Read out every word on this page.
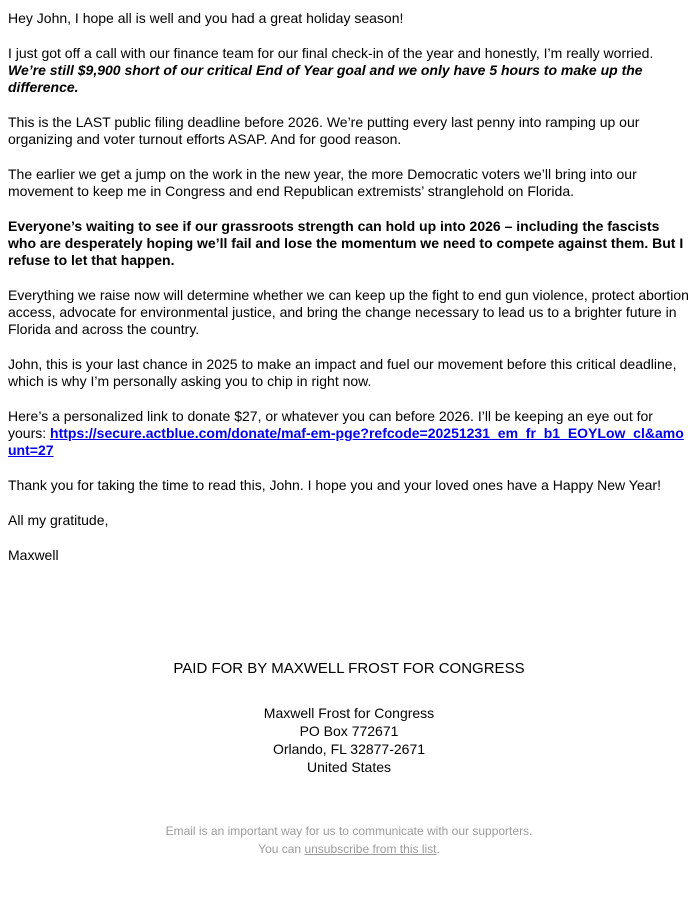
Hey John, I hope all is well and you had a great holiday season!

I just got off a call with our finance team for our final check-in of the year and honestly, I’m really worried. We’re still $9,900 short of our critical End of Year goal and we only have 5 hours to make up the difference.

This is the LAST public filing deadline before 2026. We’re putting every last penny into ramping up our organizing and voter turnout efforts ASAP. And for good reason.

The earlier we get a jump on the work in the new year, the more Democratic voters we’ll bring into our movement to keep me in Congress and end Republican extremists’ stranglehold on Florida.

Everyone’s waiting to see if our grassroots strength can hold up into 2026 – including the fascists who are desperately hoping we’ll fail and lose the momentum we need to compete against them. But I refuse to let that happen.

Everything we raise now will determine whether we can keep up the fight to end gun violence, protect abortion access, advocate for environmental justice, and bring the change necessary to lead us to a brighter future in Florida and across the country.

John, this is your last chance in 2025 to make an impact and fuel our movement before this critical deadline, which is why I’m personally asking you to chip in right now.

Here’s a personalized link to donate $27, or whatever you can before 2026. I’ll be keeping an eye out for yours: https://secure.actblue.com/donate/maf-em-pge?refcode=20251231_em_fr_b1_EOYLow_cl&amount=27

Thank you for taking the time to read this, John. I hope you and your loved ones have a Happy New Year!

All my gratitude,

Maxwell

PAID FOR BY MAXWELL FROST FOR CONGRESS
Maxwell Frost for Congress
PO Box 772671
Orlando, FL 32877-2671
United States
Email is an important way for us to communicate with our supporters.
You can unsubscribe from this list.
